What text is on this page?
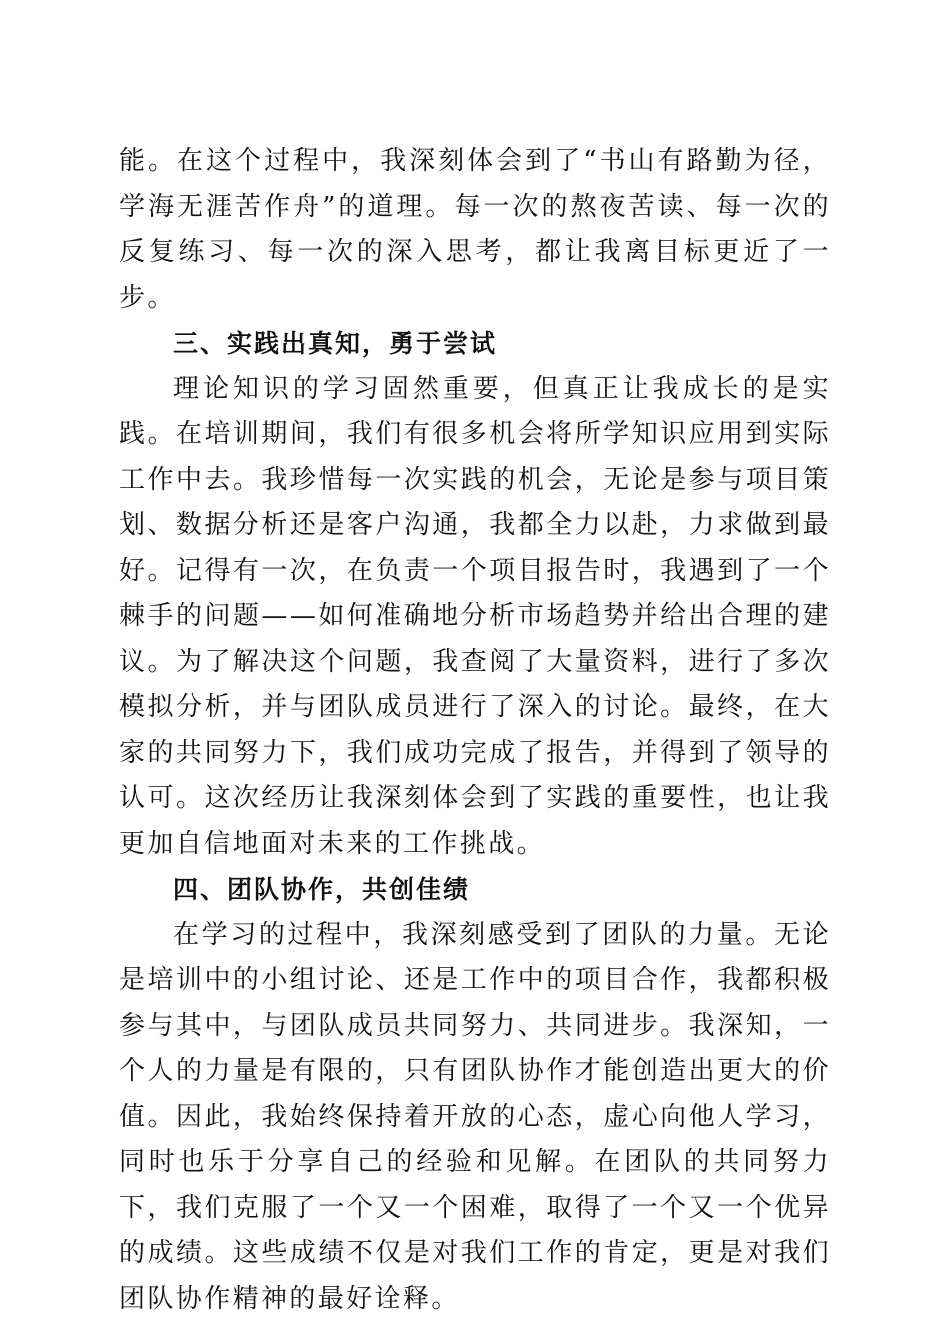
能。在这个过程中，我深刻体会到了“书山有路勤为径，学海无涯苦作舟”的道理。每一次的熬夜苦读、每一次的反复练习、每一次的深入思考，都让我离目标更近了一步。

三、实践出真知，勇于尝试

理论知识的学习固然重要，但真正让我成长的是实践。在培训期间，我们有很多机会将所学知识应用到实际工作中去。我珍惜每一次实践的机会，无论是参与项目策划、数据分析还是客户沟通，我都全力以赴，力求做到最好。记得有一次，在负责一个项目报告时，我遇到了一个棘手的问题——如何准确地分析市场趋势并给出合理的建议。为了解决这个问题，我查阅了大量资料，进行了多次模拟分析，并与团队成员进行了深入的讨论。最终，在大家的共同努力下，我们成功完成了报告，并得到了领导的认可。这次经历让我深刻体会到了实践的重要性，也让我更加自信地面对未来的工作挑战。

四、团队协作，共创佳绩

在学习的过程中，我深刻感受到了团队的力量。无论是培训中的小组讨论、还是工作中的项目合作，我都积极参与其中，与团队成员共同努力、共同进步。我深知，一个人的力量是有限的，只有团队协作才能创造出更大的价值。因此，我始终保持着开放的心态，虚心向他人学习，同时也乐于分享自己的经验和见解。在团队的共同努力下，我们克服了一个又一个困难，取得了一个又一个优异的成绩。这些成绩不仅是对我们工作的肯定，更是对我们团队协作精神的最好诠释。
